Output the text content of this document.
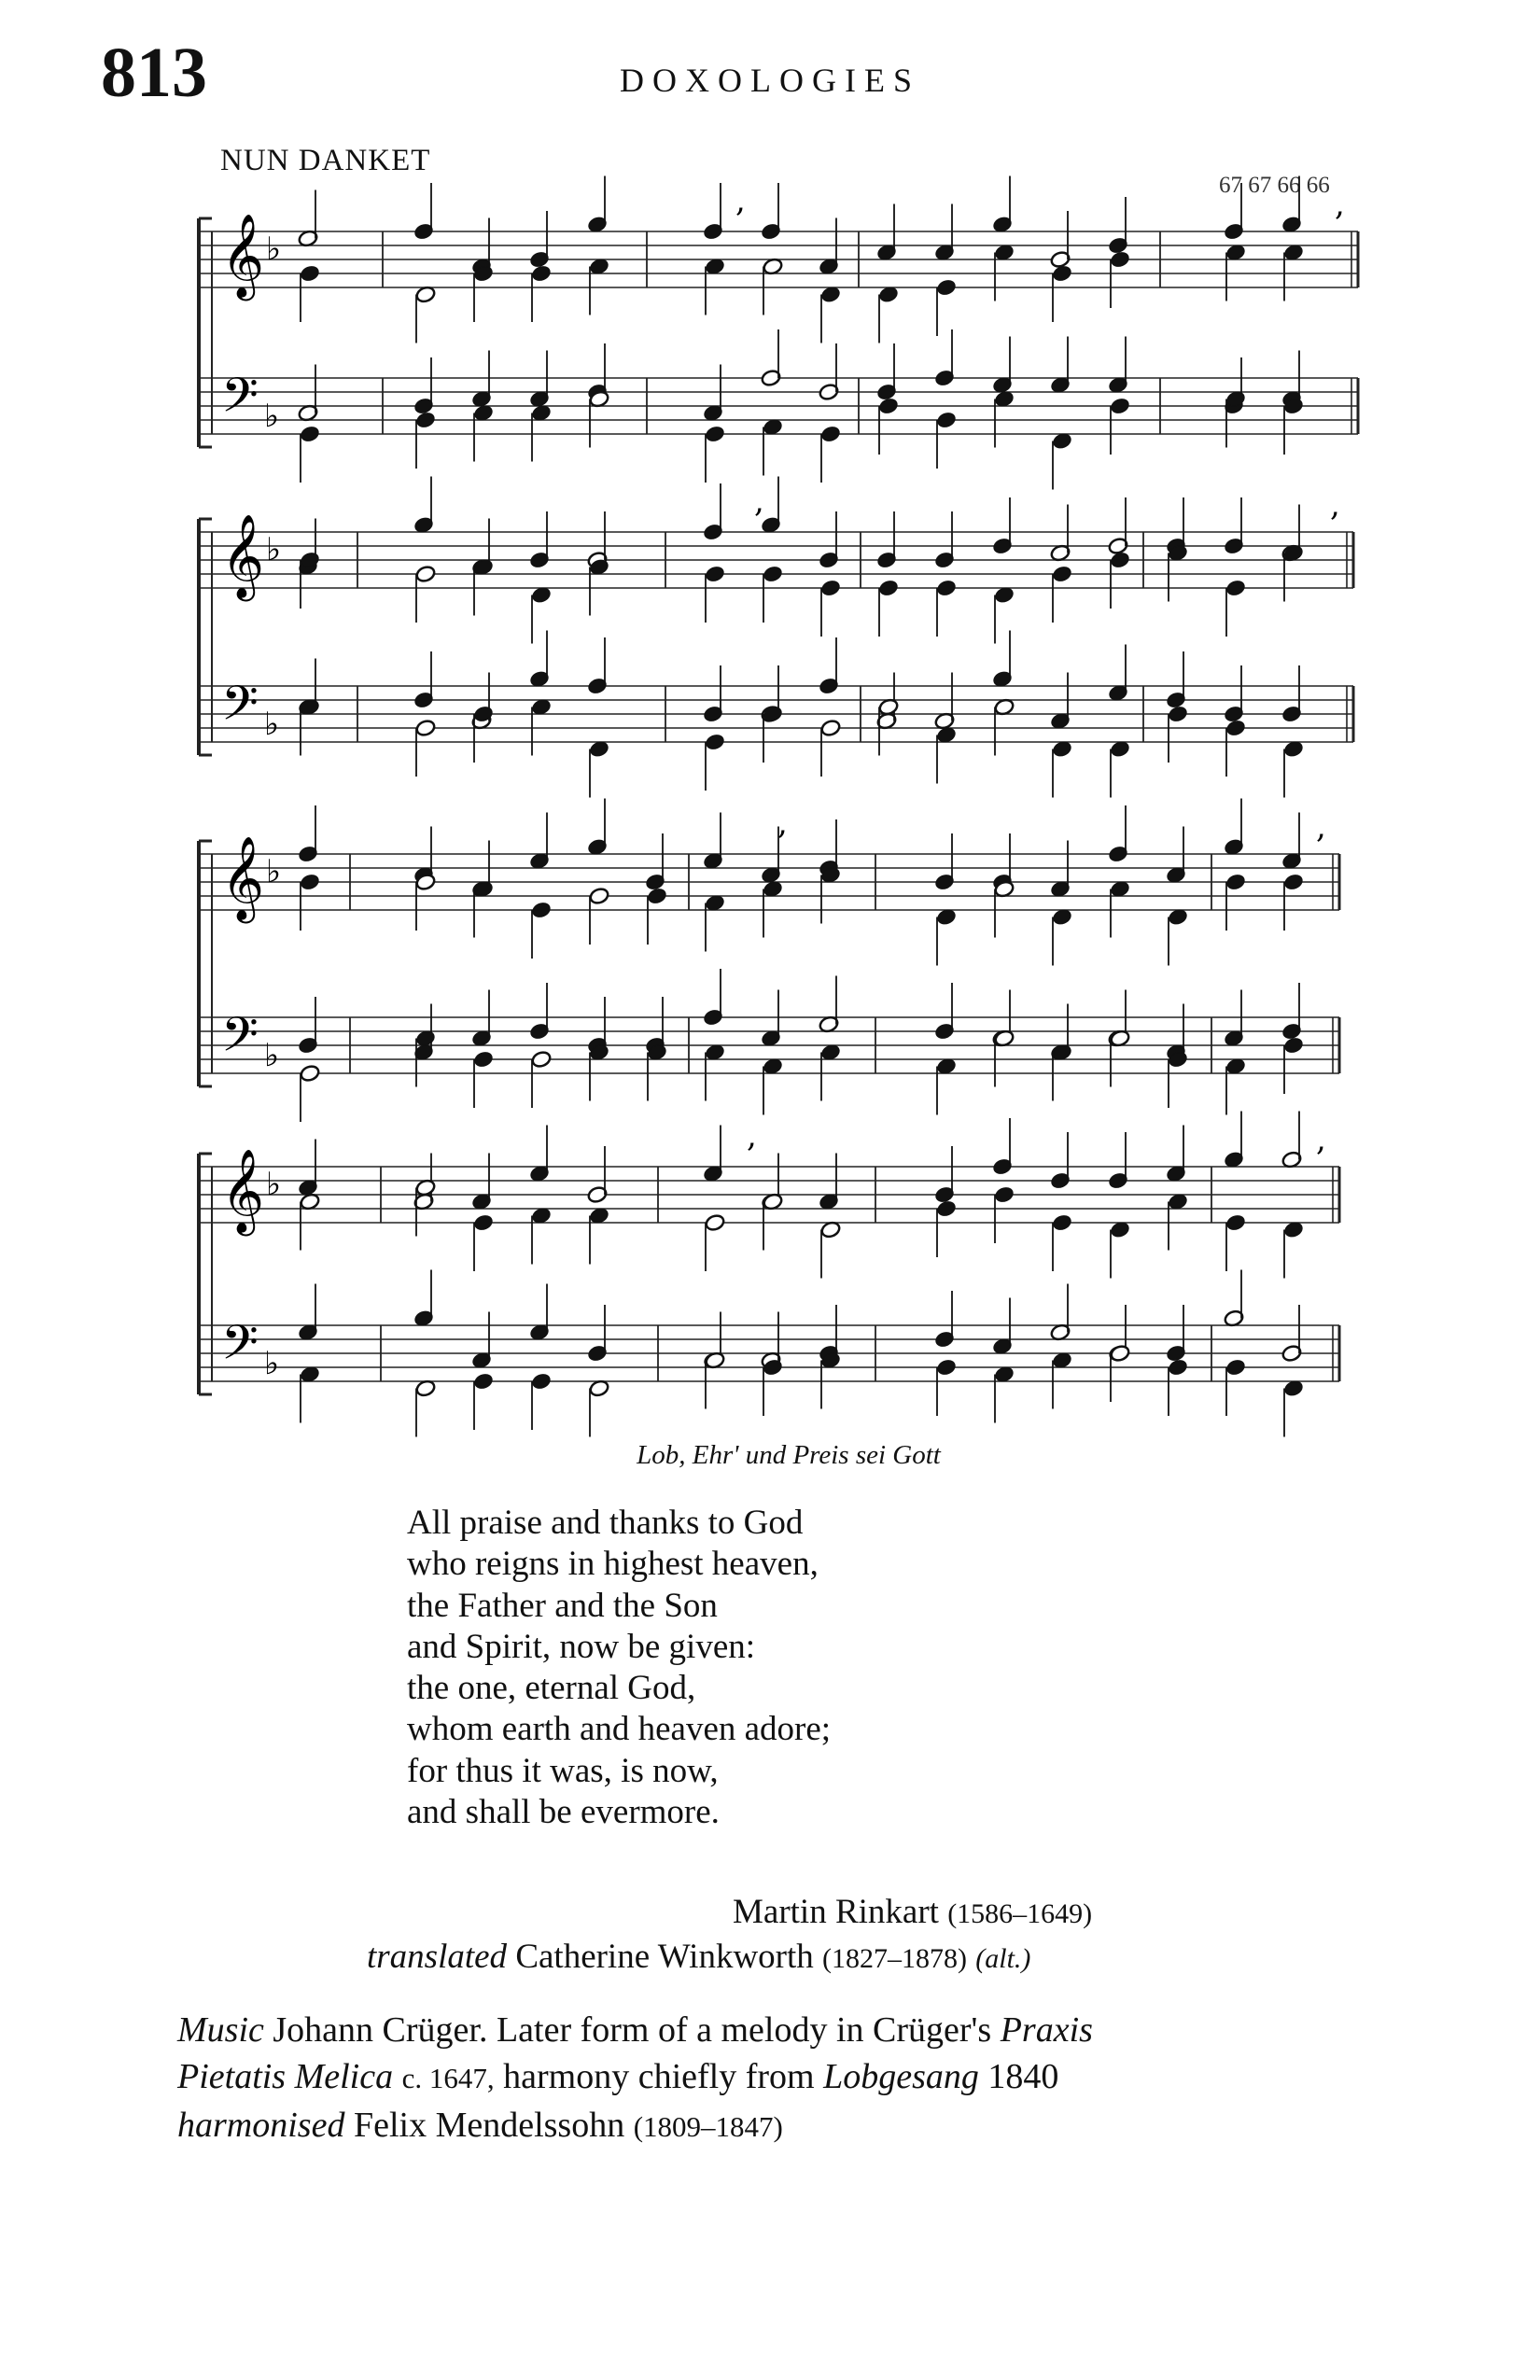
813	DOXOLOGIES
NUN DANKET
67 67 66 66
𝄞
𝄢
♭
♭
,	,
𝄞
𝄢
♭
♭
,	,
𝄞
𝄢
♭
♭
,	,
𝄞
𝄢
♭
♭
,	,
Lob, Ehr' und Preis sei Gott
All praise and thanks to God
who reigns in highest heaven,
the Father and the Son
and Spirit, now be given:
the one, eternal God,
whom earth and heaven adore;
for thus it was, is now,
and shall be evermore.
Martin Rinkart (1586–1649)
translated Catherine Winkworth (1827–1878) (alt.)
Music Johann Crüger. Later form of a melody in Crüger's Praxis
Pietatis Melica c. 1647, harmony chiefly from Lobgesang 1840
harmonised Felix Mendelssohn (1809–1847)
